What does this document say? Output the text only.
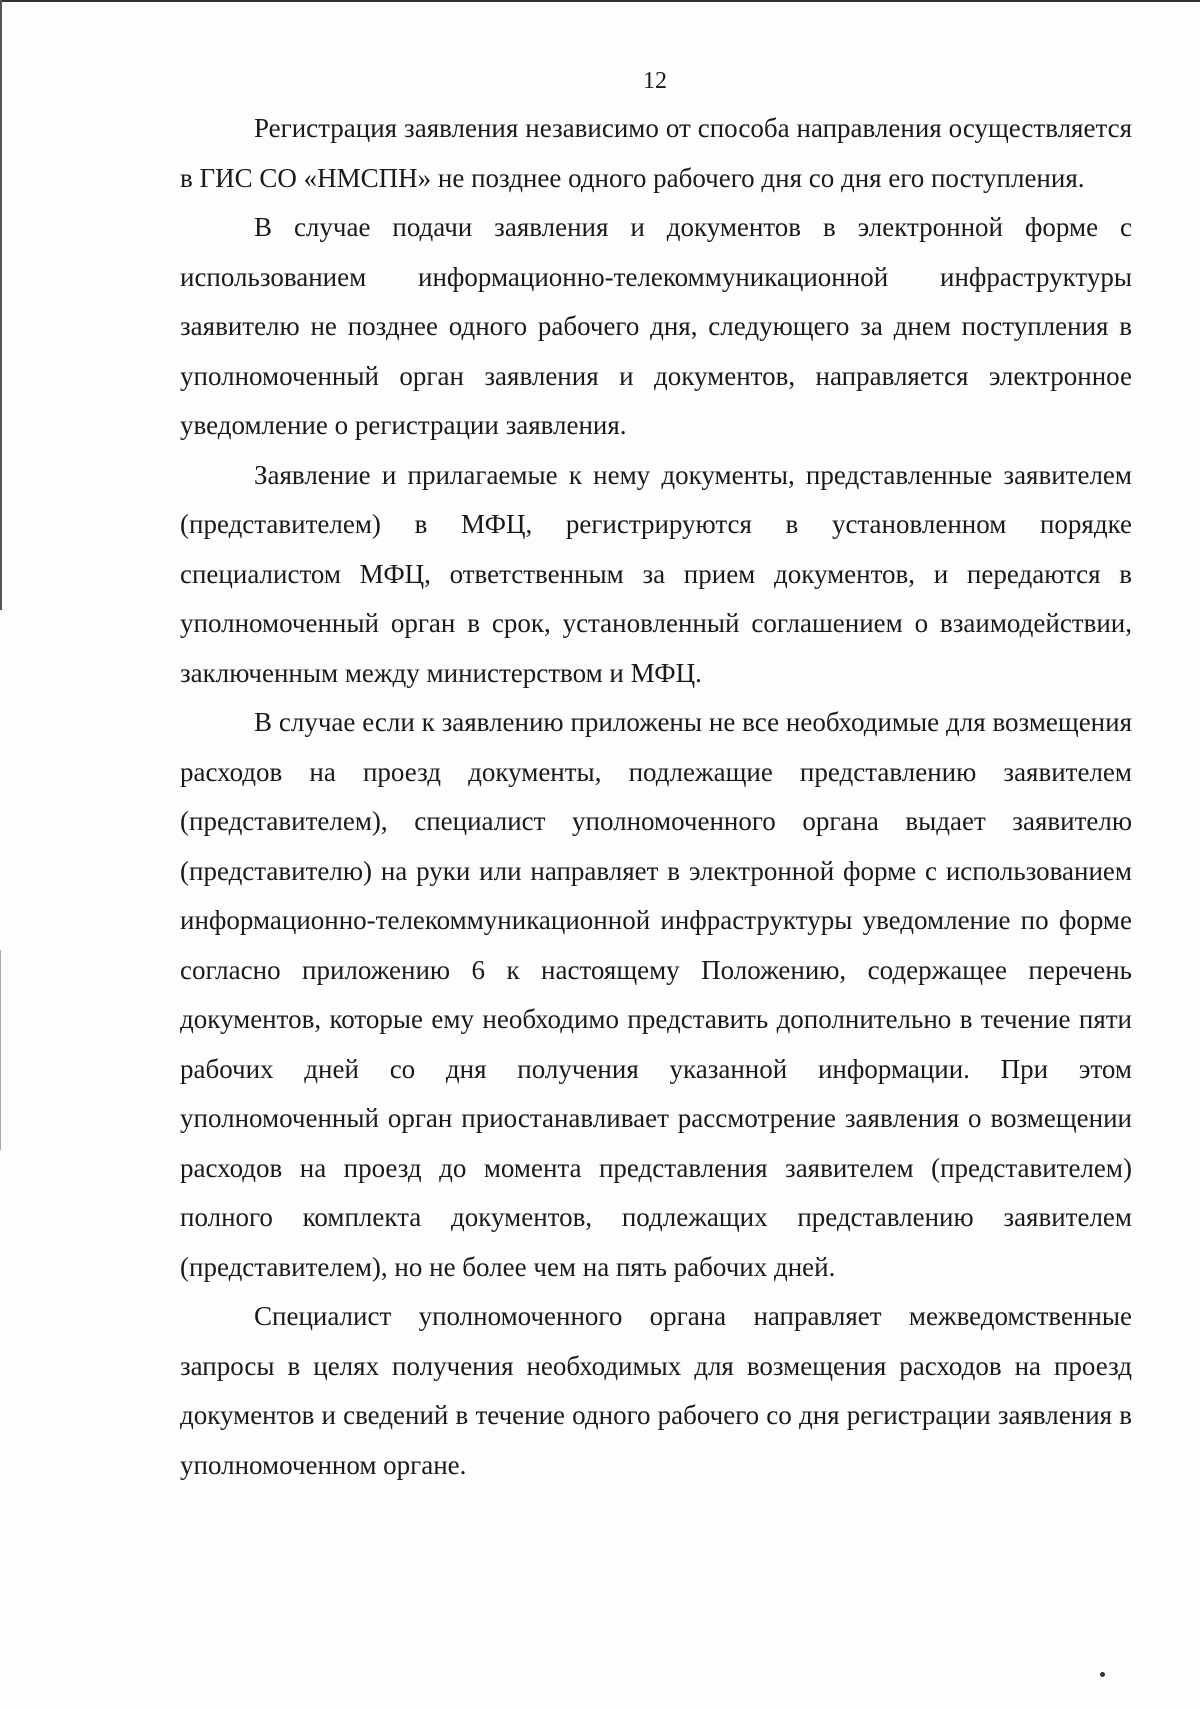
12

Регистрация заявления независимо от способа направления осуществляется в ГИС СО «НМСПН» не позднее одного рабочего дня со дня его поступления.

В случае подачи заявления и документов в электронной форме с использованием информационно-телекоммуникационной инфраструктуры заявителю не позднее одного рабочего дня, следующего за днем поступления в уполномоченный орган заявления и документов, направляется электронное уведомление о регистрации заявления.

Заявление и прилагаемые к нему документы, представленные заявителем (представителем) в МФЦ, регистрируются в установленном порядке специалистом МФЦ, ответственным за прием документов, и передаются в уполномоченный орган в срок, установленный соглашением о взаимодействии, заключенным между министерством и МФЦ.

В случае если к заявлению приложены не все необходимые для возмещения расходов на проезд документы, подлежащие представлению заявителем (представителем), специалист уполномоченного органа выдает заявителю (представителю) на руки или направляет в электронной форме с использованием информационно-телекоммуникационной инфраструктуры уведомление по форме согласно приложению 6 к настоящему Положению, содержащее перечень документов, которые ему необходимо представить дополнительно в течение пяти рабочих дней со дня получения указанной информации. При этом уполномоченный орган приостанавливает рассмотрение заявления о возмещении расходов на проезд до момента представления заявителем (представителем) полного комплекта документов, подлежащих представлению заявителем (представителем), но не более чем на пять рабочих дней.

Специалист уполномоченного органа направляет межведомственные запросы в целях получения необходимых для возмещения расходов на проезд документов и сведений в течение одного рабочего со дня регистрации заявления в уполномоченном органе.
